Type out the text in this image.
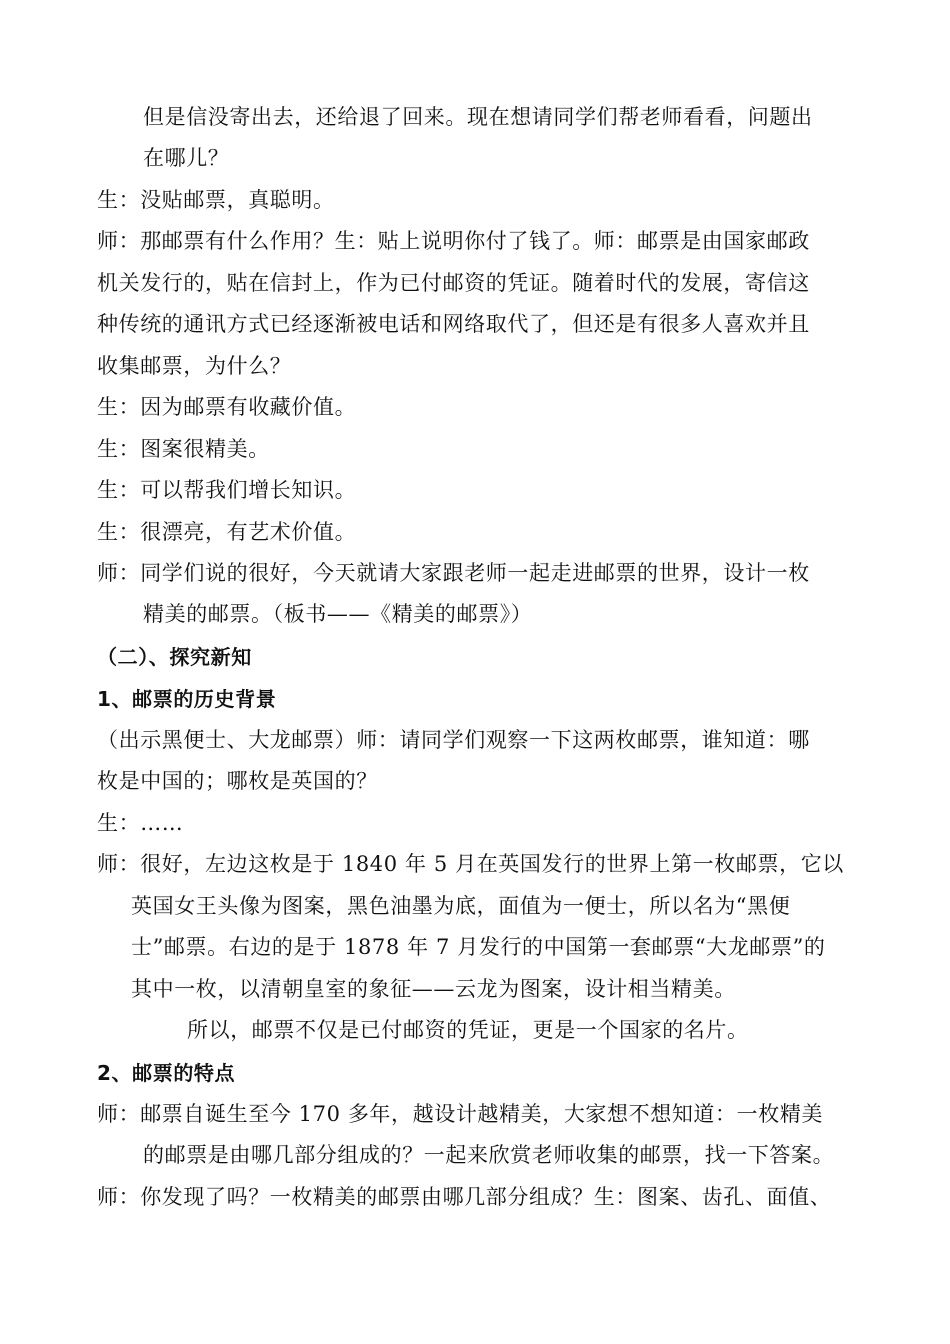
但是信没寄出去，还给退了回来。现在想请同学们帮老师看看，问题出
在哪儿？
生：没贴邮票，真聪明。
师：那邮票有什么作用？生：贴上说明你付了钱了。师：邮票是由国家邮政
机关发行的，贴在信封上，作为已付邮资的凭证。随着时代的发展，寄信这
种传统的通讯方式已经逐渐被电话和网络取代了，但还是有很多人喜欢并且
收集邮票，为什么？
生：因为邮票有收藏价值。
生：图案很精美。
生：可以帮我们增长知识。
生：很漂亮，有艺术价值。
师：同学们说的很好，今天就请大家跟老师一起走进邮票的世界，设计一枚
精美的邮票。（板书——《精美的邮票》）
（二）、探究新知
1、邮票的历史背景
（出示黑便士、大龙邮票）师：请同学们观察一下这两枚邮票，谁知道：哪
枚是中国的；哪枚是英国的？
生：……
师：很好，左边这枚是于 1840 年 5 月在英国发行的世界上第一枚邮票，它以
英国女王头像为图案，黑色油墨为底，面值为一便士，所以名为“黑便
士”邮票。右边的是于 1878 年 7 月发行的中国第一套邮票“大龙邮票”的
其中一枚，以清朝皇室的象征——云龙为图案，设计相当精美。
所以，邮票不仅是已付邮资的凭证，更是一个国家的名片。
2、邮票的特点
师：邮票自诞生至今 170 多年，越设计越精美，大家想不想知道：一枚精美
的邮票是由哪几部分组成的？一起来欣赏老师收集的邮票，找一下答案。
师：你发现了吗？一枚精美的邮票由哪几部分组成？生：图案、齿孔、面值、
